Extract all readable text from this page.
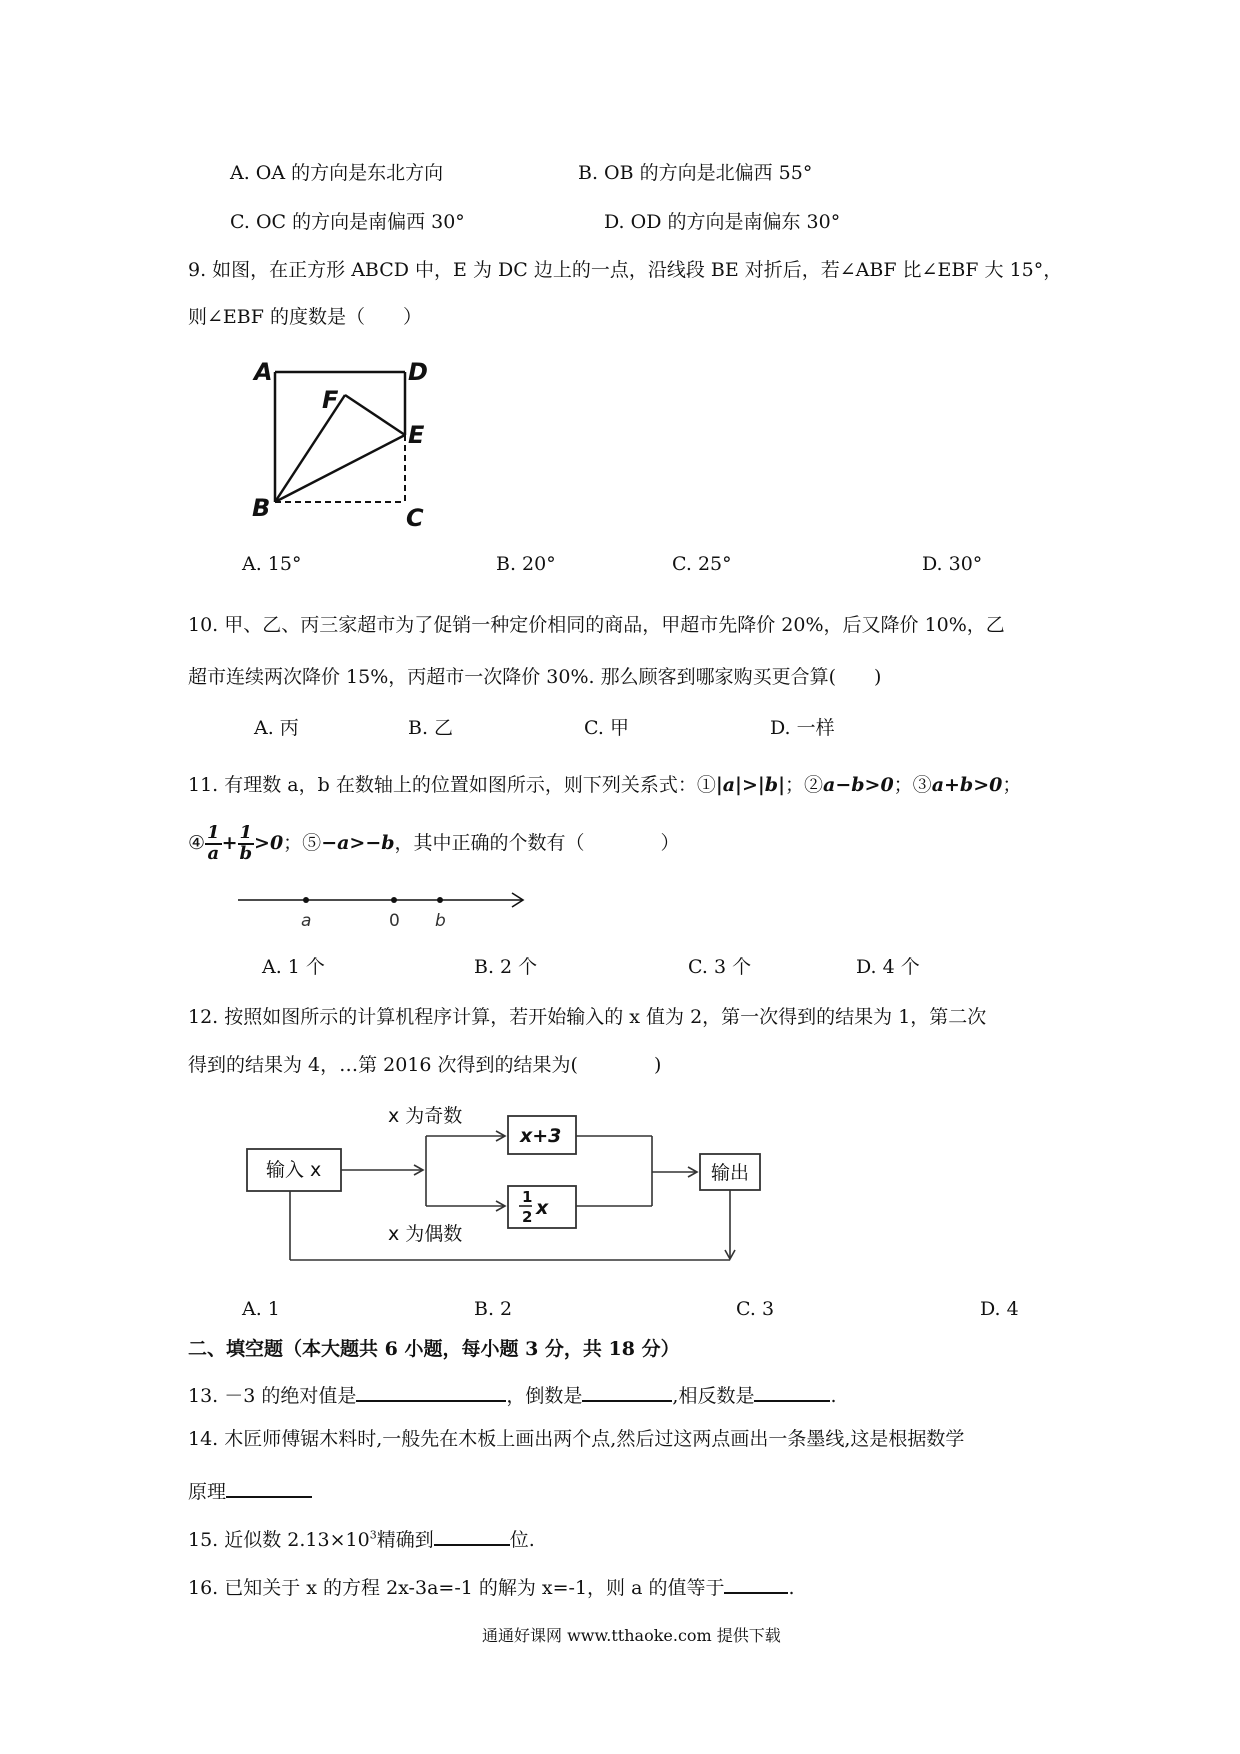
A. OA 的方向是东北方向	B. OB 的方向是北偏西 55°
C. OC 的方向是南偏西 30°	D. OD 的方向是南偏东 30°
9. 如图，在正方形 ABCD 中，E 为 DC 边上的一点，沿线段 BE 对折后，若∠ABF 比∠EBF 大 15°，
则∠EBF 的度数是（　　）
A	D
F
E
B	C
A. 15°	B. 20°	C. 25°	D. 30°
10. 甲、乙、丙三家超市为了促销一种定价相同的商品，甲超市先降价 20%，后又降价 10%，乙
超市连续两次降价 15%，丙超市一次降价 30%. 那么顾客到哪家购买更合算(　　)
A. 丙	B. 乙	C. 甲	D. 一样
11. 有理数 a，b 在数轴上的位置如图所示，则下列关系式：①|a|>|b|；②a−b>0；③a+b>0；
④ $\frac{1}{a} + \frac{1}{b} >0$；⑤−a>−b，其中正确的个数有（　　　　）
a	0 b
A. 1 个	B. 2 个	C. 3 个	D. 4 个
12. 按照如图所示的计算机程序计算，若开始输入的 x 值为 2，第一次得到的结果为 1，第二次
得到的结果为 4，…第 2016 次得到的结果为(　　　　)
输入 x
x 为奇数
x+3
x 为偶数
1
2 x
输出
A. 1	B. 2	C. 3	D. 4
二、填空题（本大题共 6 小题，每小题 3 分，共 18 分）
13. －3 的绝对值是	，倒数是	,相反数是	.
14. 木匠师傅锯木料时,一般先在木板上画出两个点,然后过这两点画出一条墨线,这是根据数学
原理
15. 近似数 $2.13\times 10^3$精确到	位.
16. 已知关于 x 的方程 2x-3a=-1 的解为 x=-1，则 a 的值等于	.
通通好课网 www.tthaoke.com 提供下载
